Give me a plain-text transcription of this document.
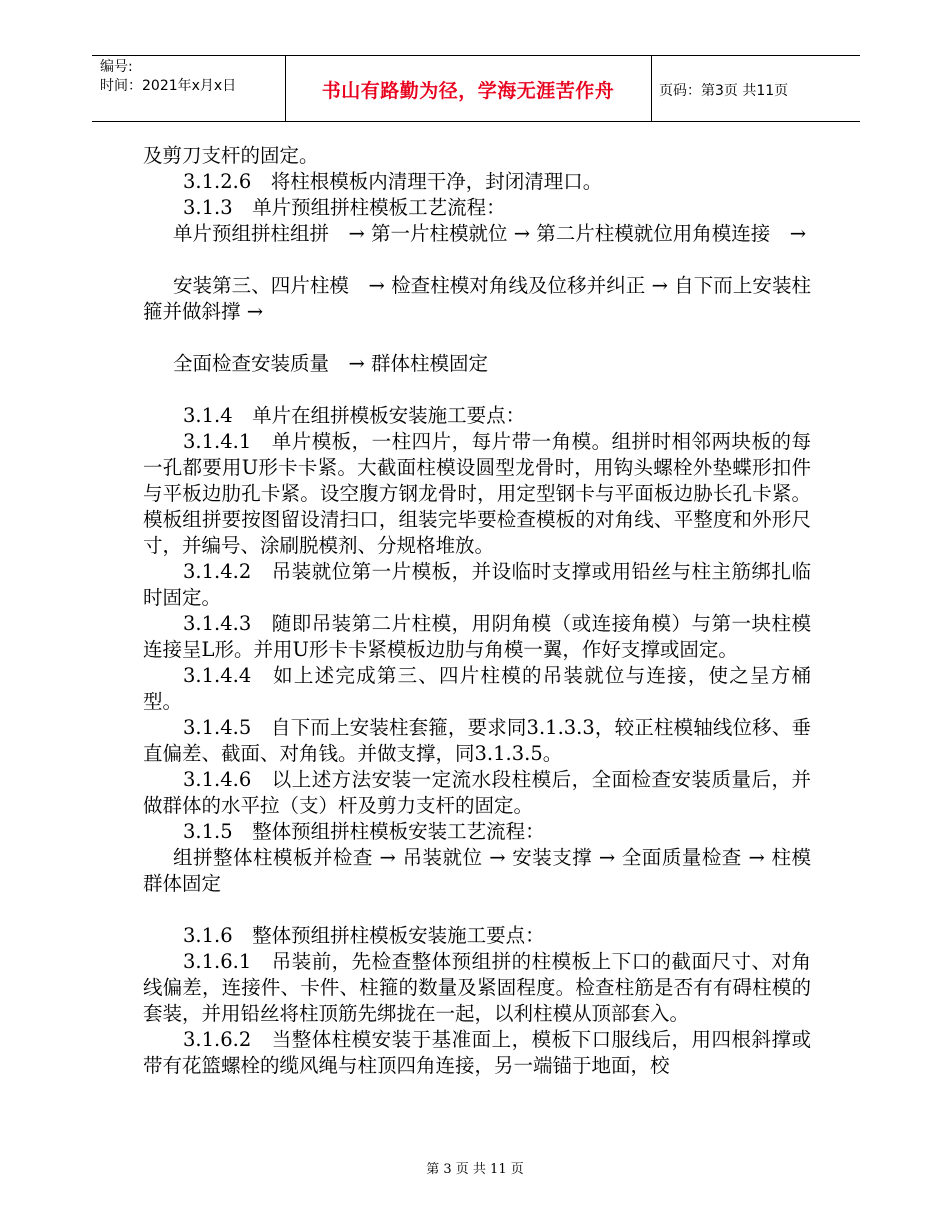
编号:
时间：2021年x月x日	书山有路勤为径，学海无涯苦作舟	页码：第3页 共11页

及剪刀支杆的固定。

3.1.2.6　将柱根模板内清理干净，封闭清理口。

3.1.3　单片预组拼柱模板工艺流程：

单片预组拼柱组拼　→ 第一片柱模就位 → 第二片柱模就位用角模连接　→

安装第三、四片柱模　→ 检查柱模对角线及位移并纠正 → 自下而上安装柱箍并做斜撑 →

全面检查安装质量　→ 群体柱模固定

3.1.4　单片在组拼模板安装施工要点：

3.1.4.1　单片模板，一柱四片，每片带一角模。组拼时相邻两块板的每一孔都要用U形卡卡紧。大截面柱模设圆型龙骨时，用钩头螺栓外垫蝶形扣件与平板边肋孔卡紧。设空腹方钢龙骨时，用定型钢卡与平面板边胁长孔卡紧。模板组拼要按图留设清扫口，组装完毕要检查模板的对角线、平整度和外形尺寸，并编号、涂刷脱模剂、分规格堆放。

3.1.4.2　吊装就位第一片模板，并设临时支撑或用铅丝与柱主筋绑扎临时固定。

3.1.4.3　随即吊装第二片柱模，用阴角模（或连接角模）与第一块柱模连接呈L形。并用U形卡卡紧模板边肋与角模一翼，作好支撑或固定。

3.1.4.4　如上述完成第三、四片柱模的吊装就位与连接，使之呈方桶型。

3.1.4.5　自下而上安装柱套箍，要求同3.1.3.3，较正柱模轴线位移、垂直偏差、截面、对角钱。并做支撑，同3.1.3.5。

3.1.4.6　以上述方法安装一定流水段柱模后，全面检查安装质量后，并做群体的水平拉（支）杆及剪力支杆的固定。

3.1.5　整体预组拼柱模板安装工艺流程：

组拼整体柱模板并检查 → 吊装就位 → 安装支撑 → 全面质量检查 → 柱模群体固定

3.1.6　整体预组拼柱模板安装施工要点：

3.1.6.1　吊装前，先检查整体预组拼的柱模板上下口的截面尺寸、对角线偏差，连接件、卡件、柱箍的数量及紧固程度。检查柱筋是否有有碍柱模的套装，并用铅丝将柱顶筋先绑拢在一起，以利柱模从顶部套入。

3.1.6.2　当整体柱模安装于基准面上，模板下口服线后，用四根斜撑或带有花篮螺栓的缆风绳与柱顶四角连接，另一端锚于地面，校

第 3 页 共 11 页
